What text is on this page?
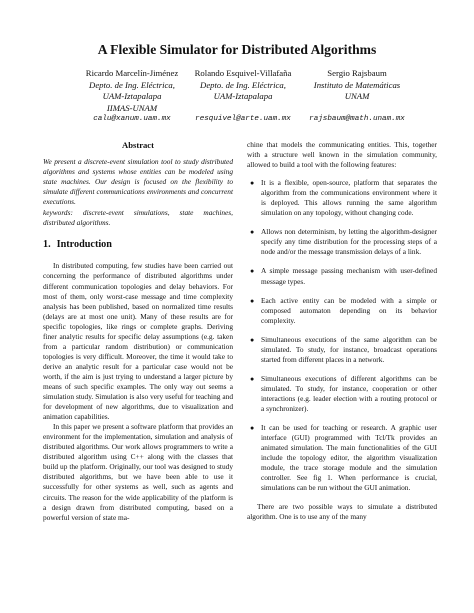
A Flexible Simulator for Distributed Algorithms
Ricardo Marcelín-Jiménez
Depto. de Ing. Eléctrica,
UAM-Iztapalapa
IIMAS-UNAM
calu@xanum.uam.mx
Rolando Esquivel-Villafaña
Depto. de Ing. Eléctrica,
UAM-Iztapalapa

resquivel@arte.uam.mx
Sergio Rajsbaum
Instituto de Matemáticas
UNAM

rajsbaum@math.unam.mx
Abstract

We present a discrete-event simulation tool to study distributed algorithms and systems whose entities can be modeled using state machines. Our design is focused on the flexibility to simulate different communications environments and concurrent executions.

keywords: discrete-event simulations, state machines, distributed algorithms.

1. Introduction

In distributed computing, few studies have been carried out concerning the performance of distributed algorithms under different communication topologies and delay behaviors. For most of them, only worst-case message and time complexity analysis has been published, based on normalized time results (delays are at most one unit). Many of these results are for specific topologies, like rings or complete graphs. Deriving finer analytic results for specific delay assumptions (e.g. taken from a particular random distribution) or communication topologies is very difficult. Moreover, the time it would take to derive an analytic result for a particular case would not be worth, if the aim is just trying to understand a larger picture by means of such specific examples. The only way out seems a simulation study. Simulation is also very useful for teaching and for development of new algorithms, due to visualization and animation capabilities.

In this paper we present a software platform that provides an environment for the implementation, simulation and analysis of distributed algorithms. Our work allows programmers to write a distributed algorithm using C++ along with the classes that build up the platform. Originally, our tool was designed to study distributed algorithms, but we have been able to use it successfully for other systems as well, such as agents and circuits. The reason for the wide applicability of the platform is a design drawn from distributed computing, based on a powerful version of state ma-

chine that models the communicating entities. This, together with a structure well known in the simulation community, allowed to build a tool with the following features:

● It is a flexible, open-source, platform that separates the algorithm from the communications environment where it is deployed. This allows running the same algorithm simulation on any topology, without changing code.
● Allows non determinism, by letting the algorithm-designer specify any time distribution for the processing steps of a node and/or the message transmission delays of a link.
● A simple message passing mechanism with user-defined message types.
● Each active entity can be modeled with a simple or composed automaton depending on its behavior complexity.
● Simultaneous executions of the same algorithm can be simulated. To study, for instance, broadcast operations started from different places in a network.
● Simultaneous executions of different algorithms can be simulated. To study, for instance, cooperation or other interactions (e.g. leader election with a routing protocol or a synchronizer).
● It can be used for teaching or research. A graphic user interface (GUI) programmed with Tcl/Tk provides an animated simulation. The main functionalities of the GUI include the topology editor, the algorithm visualization module, the trace storage module and the simulation controller. See fig 1. When performance is crucial, simulations can be run without the GUI animation.

There are two possible ways to simulate a distributed algorithm. One is to use any of the many
